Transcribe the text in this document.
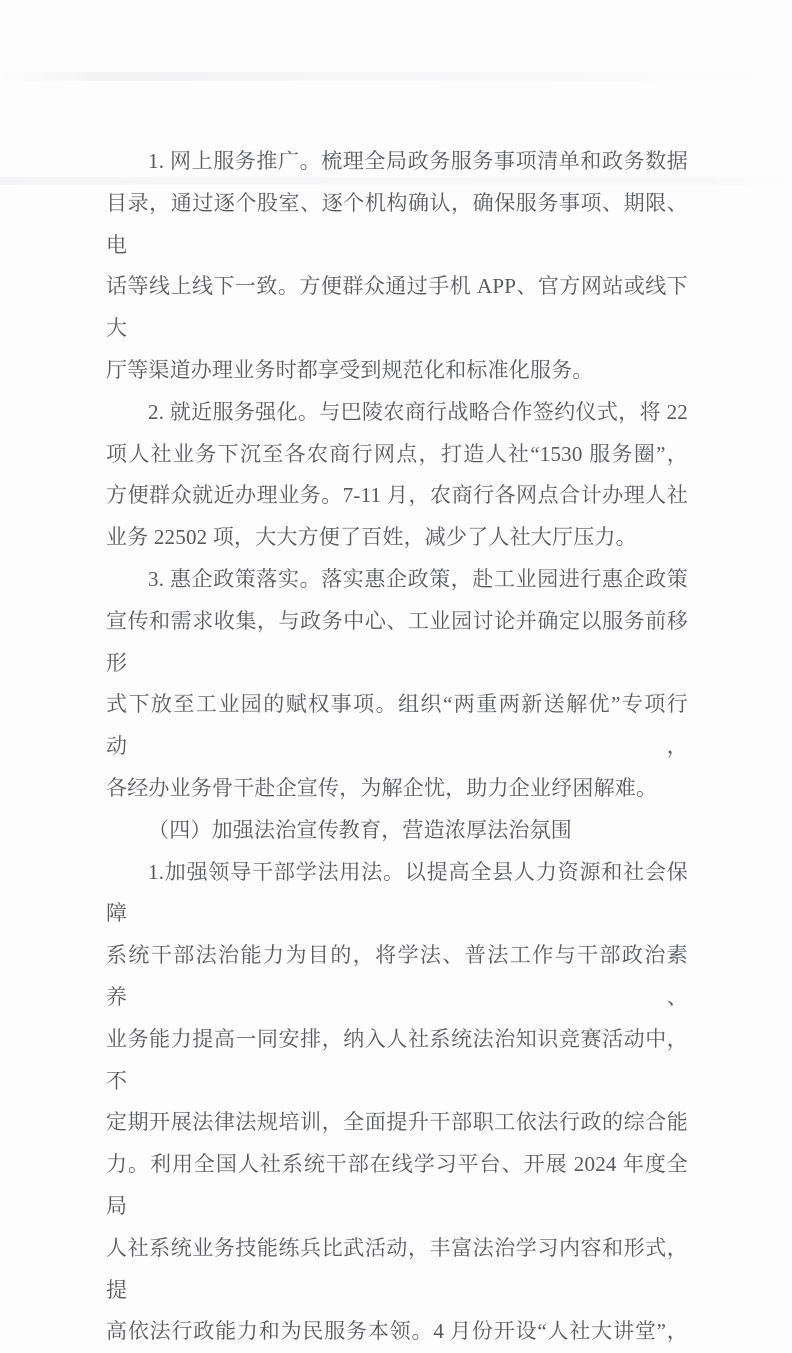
1. 网上服务推广。梳理全局政务服务事项清单和政务数据
目录，通过逐个股室、逐个机构确认，确保服务事项、期限、电
话等线上线下一致。方便群众通过手机 APP、官方网站或线下大
厅等渠道办理业务时都享受到规范化和标准化服务。
2. 就近服务强化。与巴陵农商行战略合作签约仪式，将 22
项人社业务下沉至各农商行网点，打造人社“1530 服务圈”，
方便群众就近办理业务。7-11 月，农商行各网点合计办理人社
业务 22502 项，大大方便了百姓，减少了人社大厅压力。
3. 惠企政策落实。落实惠企政策，赴工业园进行惠企政策
宣传和需求收集，与政务中心、工业园讨论并确定以服务前移形
式下放至工业园的赋权事项。组织“两重两新送解优”专项行动，
各经办业务骨干赴企宣传，为解企忧，助力企业纾困解难。
（四）加强法治宣传教育，营造浓厚法治氛围
1.加强领导干部学法用法。以提高全县人力资源和社会保障
系统干部法治能力为目的，将学法、普法工作与干部政治素养、
业务能力提高一同安排，纳入人社系统法治知识竞赛活动中，不
定期开展法律法规培训，全面提升干部职工依法行政的综合能
力。利用全国人社系统干部在线学习平台、开展 2024 年度全局
人社系统业务技能练兵比武活动，丰富法治学习内容和形式，提
高依法行政能力和为民服务本领。4 月份开设“人社大讲堂”，
